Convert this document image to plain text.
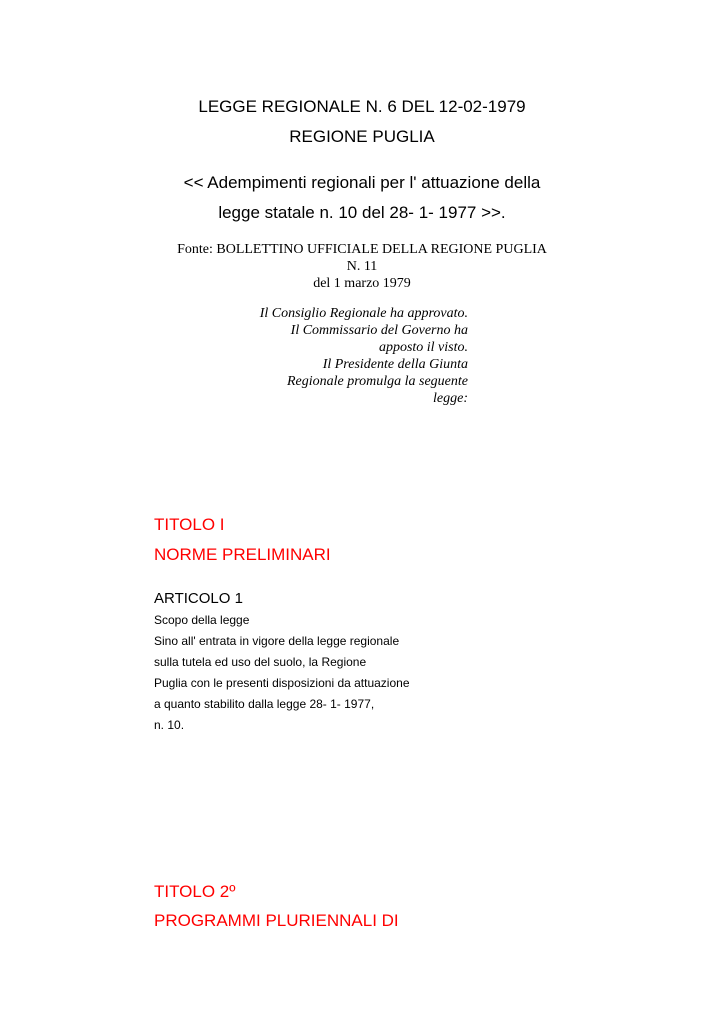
LEGGE REGIONALE N. 6 DEL 12-02-1979
REGIONE PUGLIA
<< Adempimenti regionali per l' attuazione della
legge statale n. 10 del 28- 1- 1977 >>.
Fonte: BOLLETTINO UFFICIALE DELLA REGIONE PUGLIA
N. 11
del 1 marzo 1979
Il Consiglio Regionale ha approvato.
Il Commissario del Governo ha
apposto il visto.
Il Presidente della Giunta
Regionale promulga la seguente
legge:
TITOLO I
NORME PRELIMINARI
ARTICOLO 1
Scopo della legge
Sino all' entrata in vigore della legge regionale
sulla tutela ed uso del suolo, la Regione
Puglia con le presenti disposizioni da attuazione
a quanto stabilito dalla legge 28- 1- 1977,
n. 10.
TITOLO 2º
PROGRAMMI PLURIENNALI DI
